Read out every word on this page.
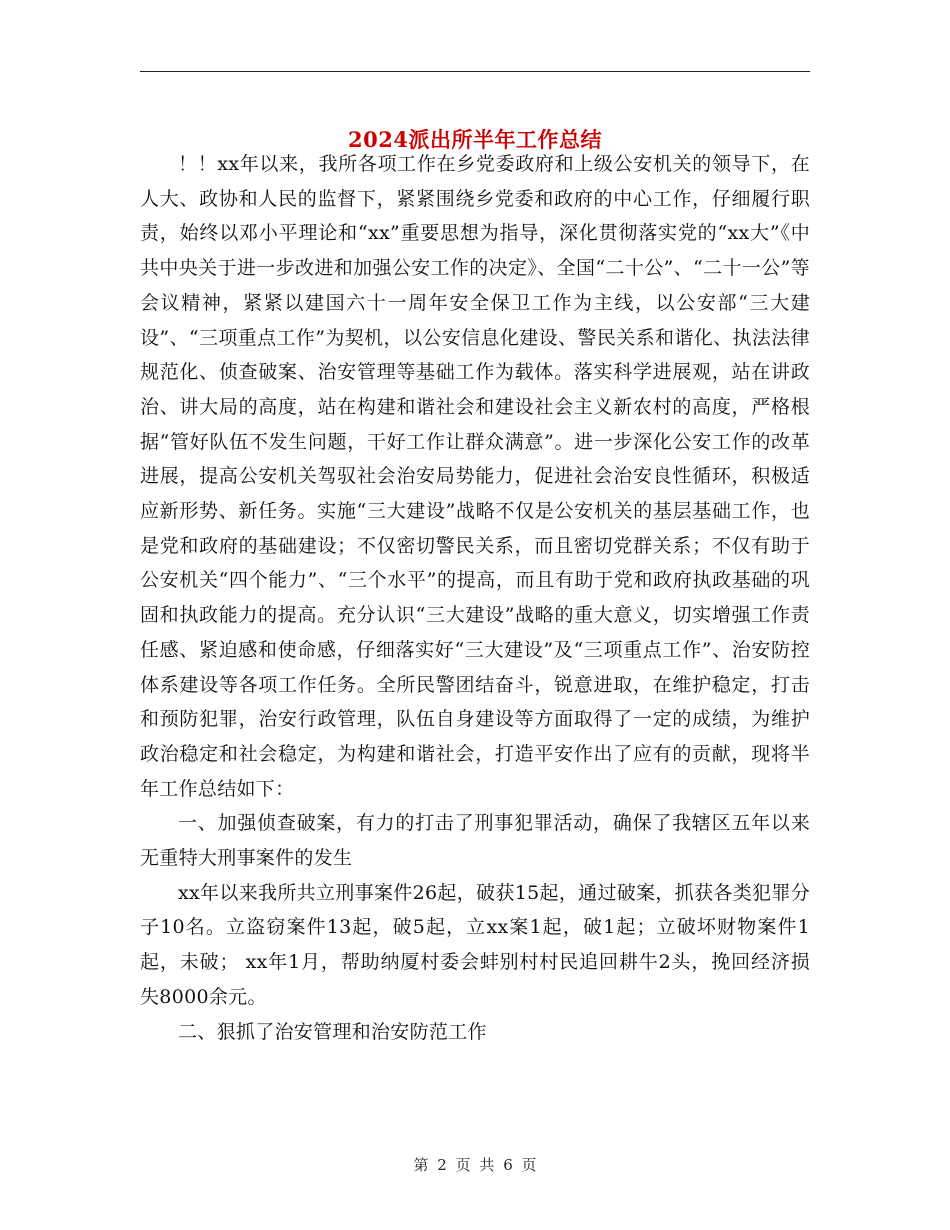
2024派出所半年工作总结

！！xx年以来，我所各项工作在乡党委政府和上级公安机关的领导下，在人大、政协和人民的监督下，紧紧围绕乡党委和政府的中心工作，仔细履行职责，始终以邓小平理论和“xx”重要思想为指导，深化贯彻落实党的“xx大”《中共中央关于进一步改进和加强公安工作的决定》、全国“二十公”、“二十一公”等会议精神，紧紧以建国六十一周年安全保卫工作为主线，以公安部“三大建设”、“三项重点工作”为契机，以公安信息化建设、警民关系和谐化、执法法律规范化、侦查破案、治安管理等基础工作为载体。落实科学进展观，站在讲政治、讲大局的高度，站在构建和谐社会和建设社会主义新农村的高度，严格根据“管好队伍不发生问题，干好工作让群众满意”。进一步深化公安工作的改革进展，提高公安机关驾驭社会治安局势能力，促进社会治安良性循环，积极适应新形势、新任务。实施“三大建设”战略不仅是公安机关的基层基础工作，也是党和政府的基础建设；不仅密切警民关系，而且密切党群关系；不仅有助于公安机关“四个能力”、“三个水平”的提高，而且有助于党和政府执政基础的巩固和执政能力的提高。充分认识“三大建设”战略的重大意义，切实增强工作责任感、紧迫感和使命感，仔细落实好“三大建设”及“三项重点工作”、治安防控体系建设等各项工作任务。全所民警团结奋斗，锐意进取，在维护稳定，打击和预防犯罪，治安行政管理，队伍自身建设等方面取得了一定的成绩，为维护政治稳定和社会稳定，为构建和谐社会，打造平安作出了应有的贡献，现将半年工作总结如下：

一、加强侦查破案，有力的打击了刑事犯罪活动，确保了我辖区五年以来无重特大刑事案件的发生

xx年以来我所共立刑事案件26起，破获15起，通过破案，抓获各类犯罪分子10名。立盗窃案件13起，破5起，立xx案1起，破1起；立破坏财物案件1起，未破； xx年1月，帮助纳厦村委会蚌别村村民追回耕牛2头，挽回经济损失8000余元。

二、狠抓了治安管理和治安防范工作

第 2 页 共 6 页
